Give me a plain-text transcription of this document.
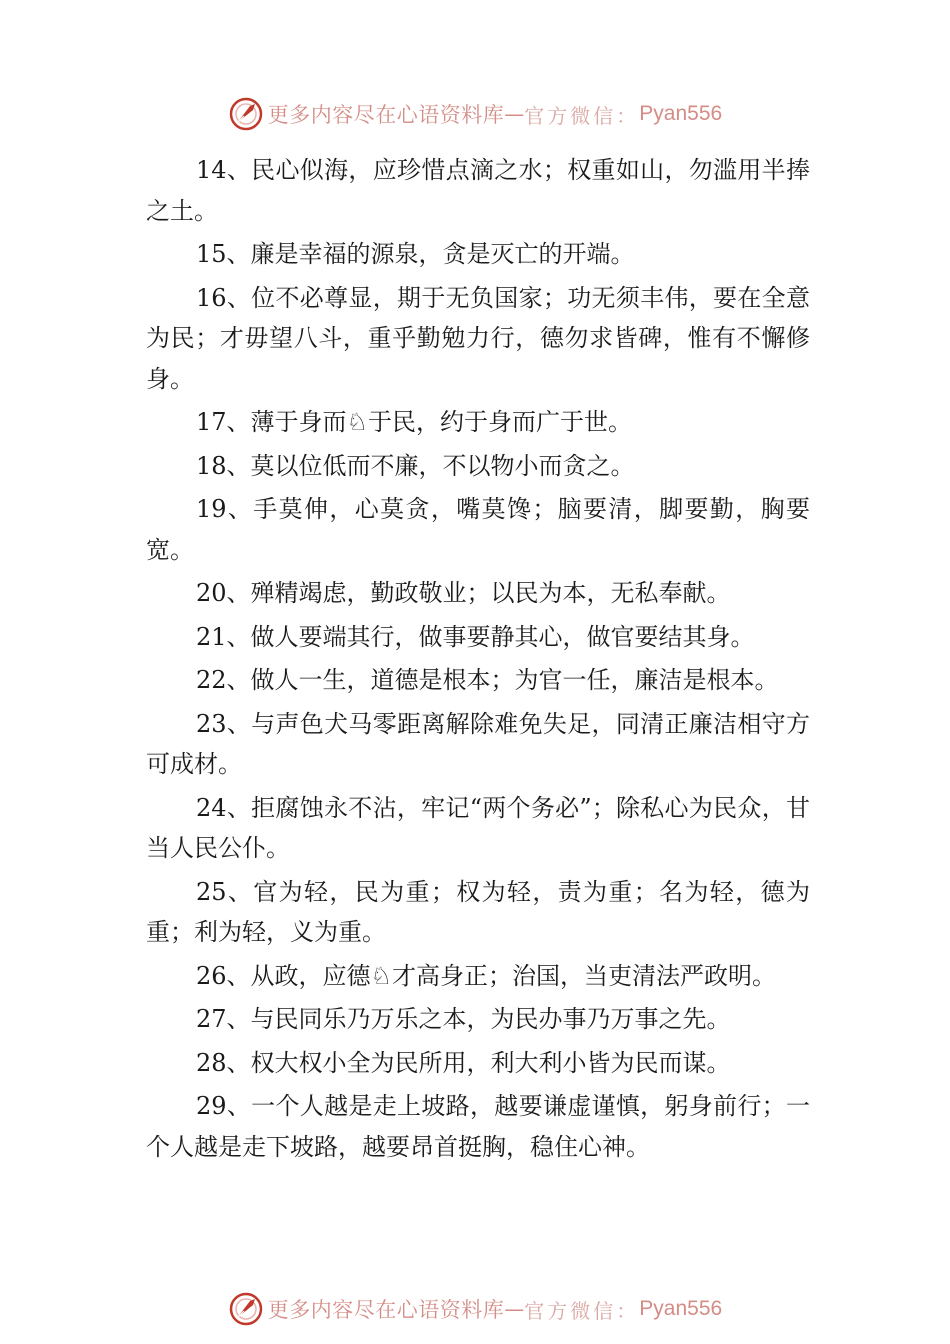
更多内容尽在心语资料库 — 官方微信： Pyan556

14、民心似海，应珍惜点滴之水；权重如山，勿滥用半捧之土。

15、廉是幸福的源泉，贪是灭亡的开端。

16、位不必尊显，期于无负国家；功无须丰伟，要在全意为民；才毋望八斗，重乎勤勉力行，德勿求皆碑，惟有不懈修身。

17、薄于身而♘于民，约于身而广于世。

18、莫以位低而不廉，不以物小而贪之。

19、手莫伸，心莫贪，嘴莫馋；脑要清，脚要勤，胸要宽。

20、殚精竭虑，勤政敬业；以民为本，无私奉献。

21、做人要端其行，做事要静其心，做官要结其身。

22、做人一生，道德是根本；为官一任，廉洁是根本。

23、与声色犬马零距离解除难免失足，同清正廉洁相守方可成材。

24、拒腐蚀永不沾，牢记“两个务必”；除私心为民众，甘当人民公仆。

25、官为轻，民为重；权为轻，责为重；名为轻，德为重；利为轻，义为重。

26、从政，应德♘才高身正；治国，当吏清法严政明。

27、与民同乐乃万乐之本，为民办事乃万事之先。

28、权大权小全为民所用，利大利小皆为民而谋。

29、一个人越是走上坡路，越要谦虚谨慎，躬身前行；一个人越是走下坡路，越要昂首挺胸，稳住心神。

更多内容尽在心语资料库 — 官方微信： Pyan556
